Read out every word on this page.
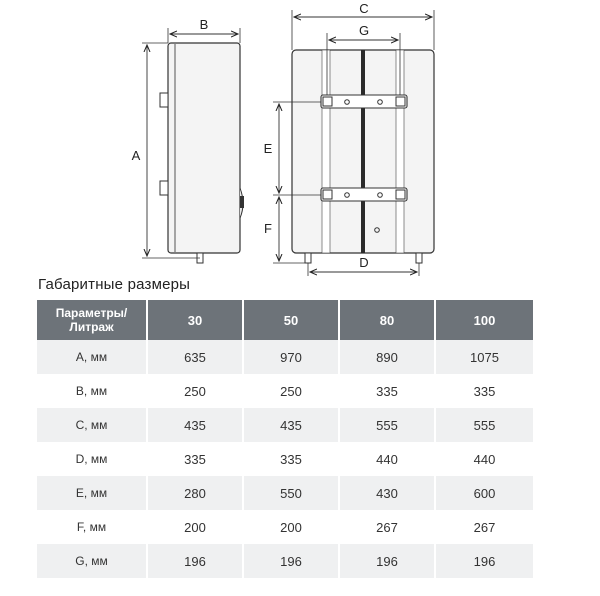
A
B
C
G
E
F
D
Габаритные размеры
Параметры/
Литраж	30	50	80	100
A, мм	635	970	890	1075
B, мм	250	250	335	335
C, мм	435	435	555	555
D, мм	335	335	440	440
E, мм	280	550	430	600
F, мм	200	200	267	267
G, мм	196	196	196	196
